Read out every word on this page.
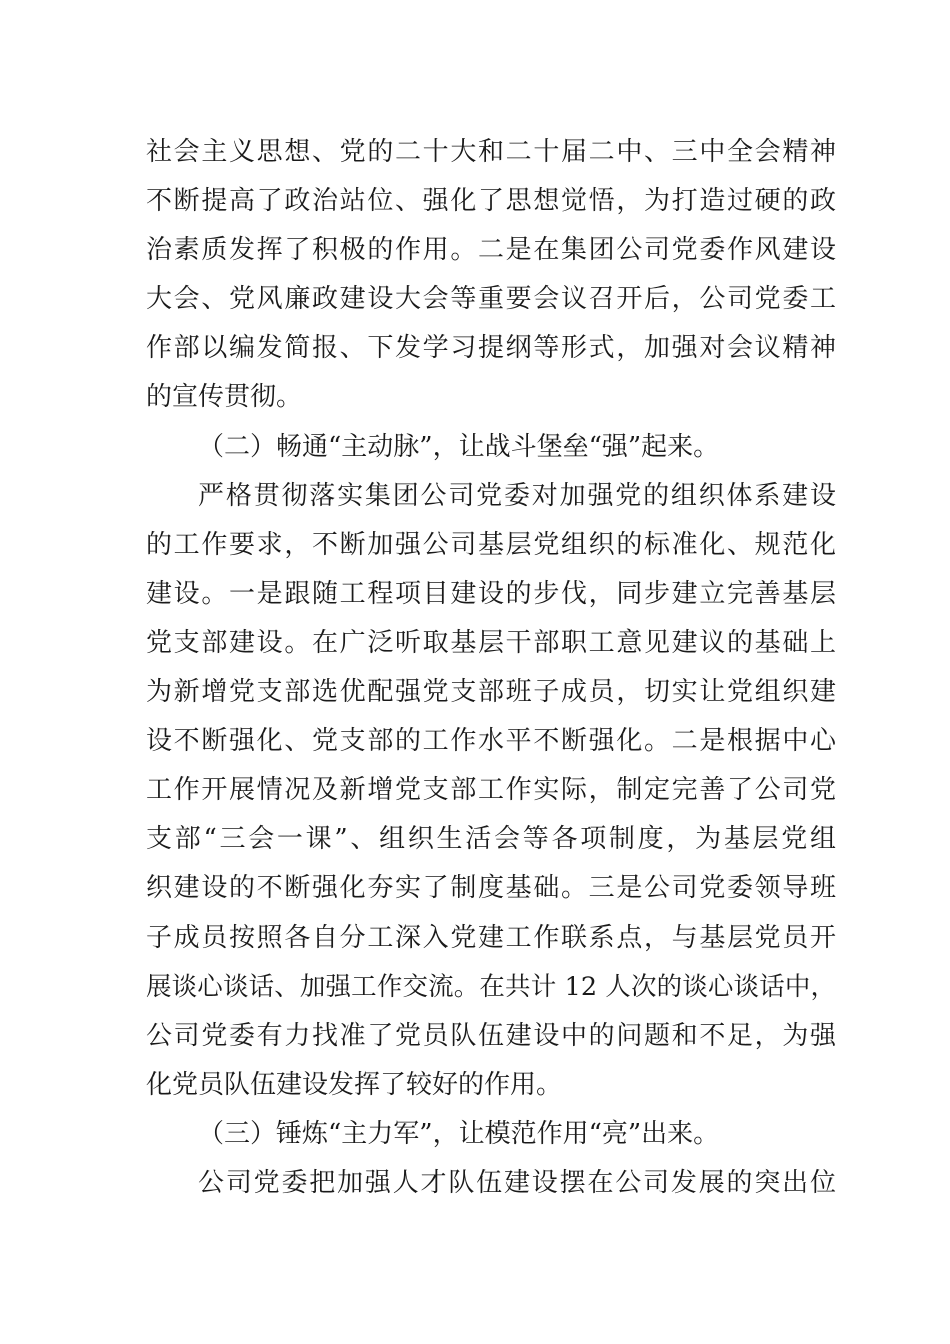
社会主义思想、党的二十大和二十届二中、三中全会精神
不断提高了政治站位、强化了思想觉悟，为打造过硬的政
治素质发挥了积极的作用。二是在集团公司党委作风建设
大会、党风廉政建设大会等重要会议召开后，公司党委工
作部以编发简报、下发学习提纲等形式，加强对会议精神
的宣传贯彻。
（二）畅通“主动脉”，让战斗堡垒“强”起来。
严格贯彻落实集团公司党委对加强党的组织体系建设
的工作要求，不断加强公司基层党组织的标准化、规范化
建设。一是跟随工程项目建设的步伐，同步建立完善基层
党支部建设。在广泛听取基层干部职工意见建议的基础上
为新增党支部选优配强党支部班子成员，切实让党组织建
设不断强化、党支部的工作水平不断强化。二是根据中心
工作开展情况及新增党支部工作实际，制定完善了公司党
支部“三会一课”、组织生活会等各项制度，为基层党组
织建设的不断强化夯实了制度基础。三是公司党委领导班
子成员按照各自分工深入党建工作联系点，与基层党员开
展谈心谈话、加强工作交流。在共计 12 人次的谈心谈话中，
公司党委有力找准了党员队伍建设中的问题和不足，为强
化党员队伍建设发挥了较好的作用。
（三）锤炼“主力军”，让模范作用“亮”出来。
公司党委把加强人才队伍建设摆在公司发展的突出位
